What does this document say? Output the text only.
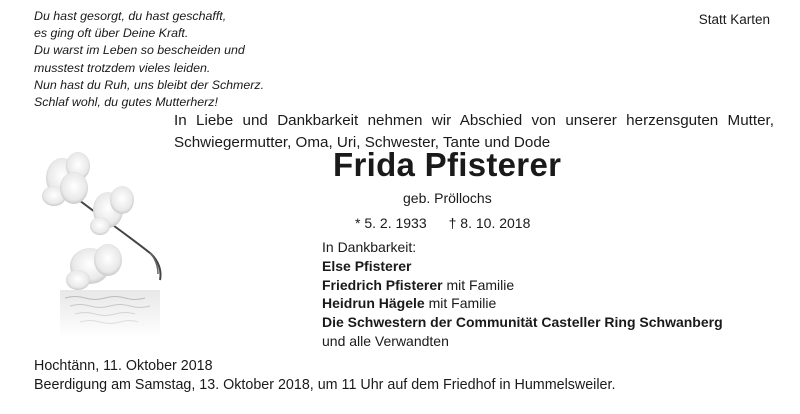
Du hast gesorgt, du hast geschafft,
es ging oft über Deine Kraft.
Du warst im Leben so bescheiden und
musstest trotzdem vieles leiden.
Nun hast du Ruh, uns bleibt der Schmerz.
Schlaf wohl, du gutes Mutterherz!
Statt Karten
In Liebe und Dankbarkeit nehmen wir Abschied von unserer herzensguten Mutter, Schwiegermutter, Oma, Uri, Schwester, Tante und Dode
Frida Pfisterer
geb. Pröllochs
* 5. 2. 1933 † 8. 10. 2018
In Dankbarkeit:
Else Pfisterer
Friedrich Pfisterer mit Familie
Heidrun Hägele mit Familie
Die Schwestern der Communität Casteller Ring Schwanberg
und alle Verwandten
Hochtänn, 11. Oktober 2018
Beerdigung am Samstag, 13. Oktober 2018, um 11 Uhr auf dem Friedhof in Hummelsweiler.
